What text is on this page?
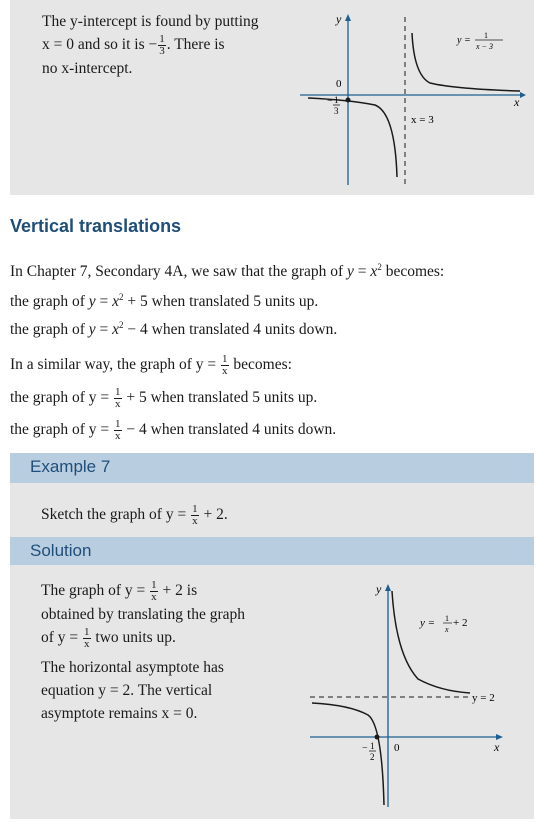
The y-intercept is found by putting
x = 0 and so it is − $\frac{1}{3}$ . There is
no x-intercept.
y
x
0
− 1
3
x = 3
y = 1
x − 3
Vertical translations
In Chapter 7, Secondary 4A, we saw that the graph of $y = x^2$ becomes:
the graph of $y = x^2 + 5$ when translated 5 units up.
the graph of $y = x^2 - 4$ when translated 4 units down.
In a similar way, the graph of $y = \frac{1}{x}$ becomes:
the graph of $y = \frac{1}{x} + 5$ when translated 5 units up.
the graph of $y = \frac{1}{x} - 4$ when translated 4 units down.
Example 7
Sketch the graph of $y = \frac{1}{x} + 2$.
Solution
The graph of $y = \frac{1}{x} + 2$ is
obtained by translating the graph
of $y = \frac{1}{x}$ two units up.
The horizontal asymptote has
equation y = 2. The vertical
asymptote remains x = 0.
y
x
0
− 1
2
y = 2
y = 1
x
+ 2
